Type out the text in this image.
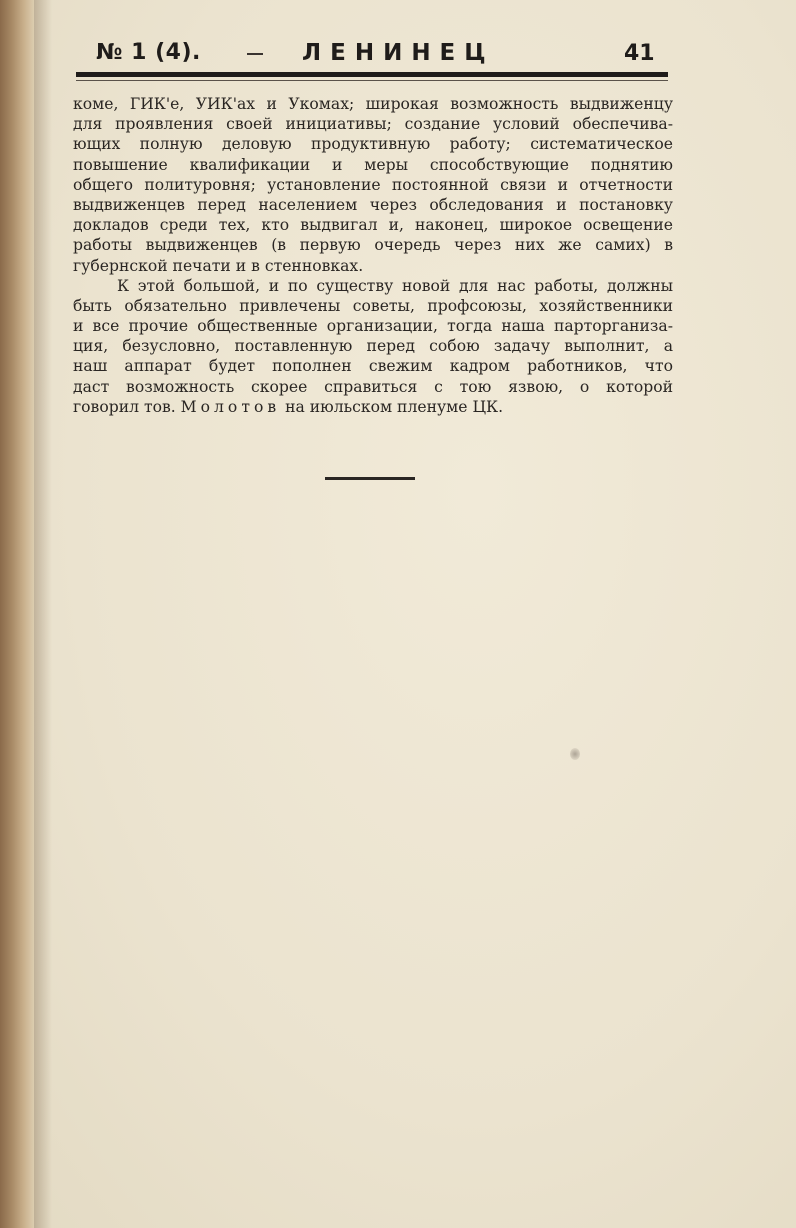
№ 1 (4).	ЛЕНИНЕЦ	41
коме, ГИК'е, УИК'ах и Укомах; широкая возможность выдвиженцу
для проявления своей инициативы; создание условий обеспечива-
ющих полную деловую продуктивную работу; систематическое
повышение квалификации и меры способствующие поднятию
общего политуровня; установление постоянной связи и отчетности
выдвиженцев перед населением через обследования и постановку
докладов среди тех, кто выдвигал и, наконец, широкое освещение
работы выдвиженцев (в первую очередь через них же самих) в
губернской печати и в стенновках.
К этой большой, и по существу новой для нас работы, должны
быть обязательно привлечены советы, профсоюзы, хозяйственники
и все прочие общественные организации, тогда наша парторганиза-
ция, безусловно, поставленную перед собою задачу выполнит, а
наш аппарат будет пополнен свежим кадром работников, что
даст возможность скорее справиться с тою язвою, о которой
говорил тов. Молотов на июльском пленуме ЦК.
